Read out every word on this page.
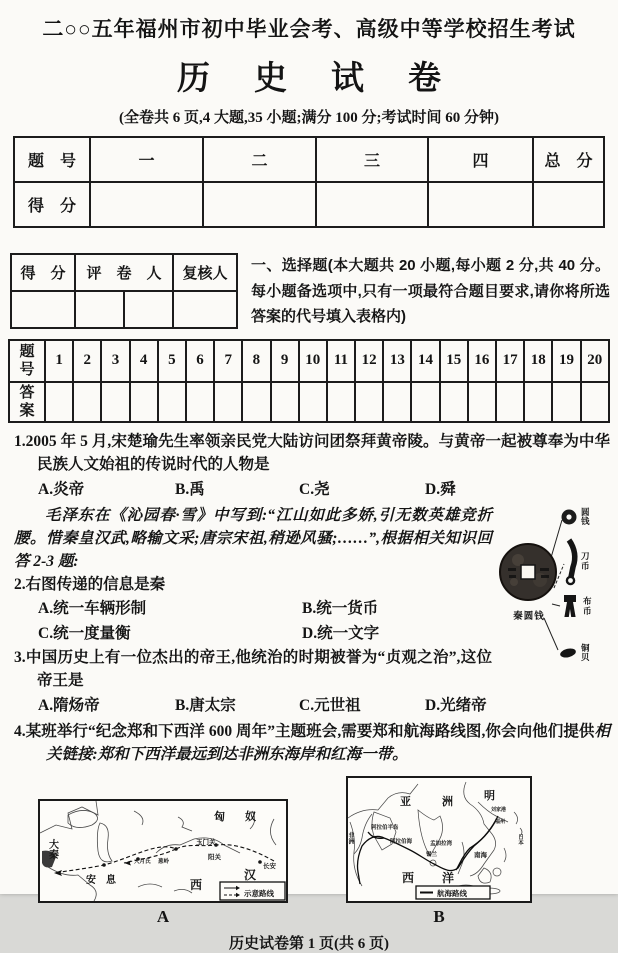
二○○五年福州市初中毕业会考、高级中等学校招生考试
历史试卷
(全卷共 6 页,4 大题,35 小题;满分 100 分;考试时间 60 分钟)
题　号	一	二	三	四	总　分
得　分					
得　分	评　卷　人		复核人
			一、选择题(本大题共 20 小题,每小题 2 分,共 40 分。每小题备选项中,只有一项最符合题目要求,请你将所选答案的代号填入表格内)
题号	1	2	3	4	5	6	7	8	9	10	11	12	13	14	15	16	17	18	19	20
答案																				

1.2005 年 5 月,宋楚瑜先生率领亲民党大陆访问团祭拜黄帝陵。与黄帝一起被尊奉为中华民族人文始祖的传说时代的人物是

A.炎帝	B.禹	C.尧	D.舜
秦圆钱
圆钱
刀币
布币
铜贝

毛泽东在《沁园春·雪》中写到:“江山如此多娇,引无数英雄竞折腰。惜秦皇汉武,略输文采;唐宗宋祖,稍逊风骚;……”,根据相关知识回答 2-3 题:

2.右图传递的信息是秦

A.统一车辆形制	B.统一货币
C.统一度量衡	D.统一文字

3.中国历史上有一位杰出的帝王,他统治的时期被誉为“贞观之治”,这位帝王是

A.隋炀帝	B.唐太宗	C.元世祖	D.光绪帝

4.某班举行“纪念郑和下西洋 600 周年”主题班会,需要郑和航海路线图,你会向他们提供相关链接:郑和下西洋最远到达非洲东海岸和红海一带。

匈奴
大秦
安息
大月氏 葱岭
玉门关
阳关
西
汉
长安
示意路线
A
亚	洲	明
刘家港
福州
日本
阿拉伯半岛
阿拉伯海	孟加拉湾
锡兰	南海
非洲
西 洋
航海路线
B
历史试卷第 1 页(共 6 页)
